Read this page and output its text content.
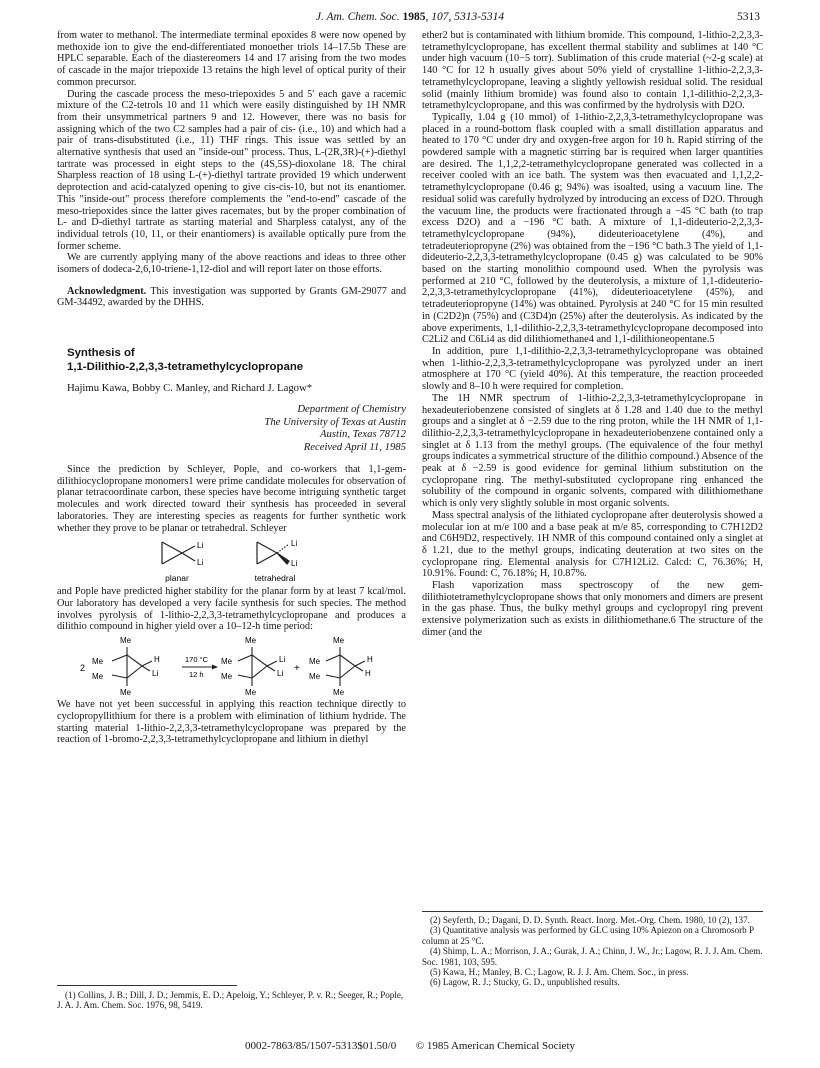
J. Am. Chem. Soc. 1985, 107, 5313-5314	5313

from water to methanol. The intermediate terminal epoxides 8 were now opened by methoxide ion to give the end-differentiated monoether triols 14–17.5b These are HPLC separable. Each of the diastereomers 14 and 17 arising from the two modes of cascade in the major triepoxide 13 retains the high level of optical purity of their common precursor.

During the cascade process the meso-triepoxides 5 and 5′ each gave a racemic mixture of the C2-tetrols 10 and 11 which were easily distinguished by 1H NMR from their unsymmetrical partners 9 and 12. However, there was no basis for assigning which of the two C2 samples had a pair of cis- (i.e., 10) and which had a pair of trans-disubstituted (i.e., 11) THF rings. This issue was settled by an alternative synthesis that used an "inside-out" process. Thus, L-(2R,3R)-(+)-diethyl tartrate was processed in eight steps to the (4S,5S)-dioxolane 18. The chiral Sharpless reaction of 18 using L-(+)-diethyl tartrate provided 19 which underwent deprotection and acid-catalyzed opening to give cis-cis-10, but not its enantiomer. This "inside-out" process therefore complements the "end-to-end" cascade of the meso-triepoxides since the latter gives racemates, but by the proper combination of L- and D-diethyl tartrate as starting material and Sharpless catalyst, any of the individual tetrols (10, 11, or their enantiomers) is available optically pure from the former scheme.

We are currently applying many of the above reactions and ideas to three other isomers of dodeca-2,6,10-triene-1,12-diol and will report later on those efforts.

Acknowledgment. This investigation was supported by Grants GM-29077 and GM-34492, awarded by the DHHS.

Synthesis of

1,1-Dilithio-2,2,3,3-tetramethylcyclopropane

Hajimu Kawa, Bobby C. Manley, and Richard J. Lagow*

Department of Chemistry

The University of Texas at Austin

Austin, Texas 78712

Received April 11, 1985

Since the prediction by Schleyer, Pople, and co-workers that 1,1-gem-dilithiocyclopropane monomers1 were prime candidate molecules for observation of planar tetracoordinate carbon, these species have become intriguing synthetic target molecules and work directed toward their synthesis has proceeded in several laboratories. They are interesting species as reagents for further synthetic work whether they prove to be planar or tetrahedral. Schleyer

Li
Li
Li
Li
planar	tetrahedral

and Pople have predicted higher stability for the planar form by at least 7 kcal/mol. Our laboratory has developed a very facile synthesis for such species. The method involves pyrolysis of 1-lithio-2,2,3,3-tetramethylcyclopropane and produces a dilithio compound in higher yield over a 10–12-h time period:

2
Me
Me
Me
Me
H
Li
170 °C
12 h
Me
Me
Me
Me
Li
Li +
Me
Me
Me
Me
H
H

We have not yet been successful in applying this reaction technique directly to cyclopropyllithium for there is a problem with elimination of lithium hydride. The starting material 1-lithio-2,2,3,3-tetramethylcyclopropane was prepared by the reaction of 1-bromo-2,2,3,3-tetramethylcyclopropane and lithium in diethyl

ether2 but is contaminated with lithium bromide. This compound, 1-lithio-2,2,3,3-tetramethylcyclopropane, has excellent thermal stability and sublimes at 140 °C under high vacuum (10−5 torr). Sublimation of this crude material (~2-g scale) at 140 °C for 12 h usually gives about 50% yield of crystalline 1-lithio-2,2,3,3-tetramethylcyclopropane, leaving a slightly yellowish residual solid. The residual solid (mainly lithium bromide) was found also to contain 1,1-dilithio-2,2,3,3-tetramethylcyclopropane, and this was confirmed by the hydrolysis with D2O.

Typically, 1.04 g (10 mmol) of 1-lithio-2,2,3,3-tetramethylcyclopropane was placed in a round-bottom flask coupled with a small distillation apparatus and heated to 170 °C under dry and oxygen-free argon for 10 h. Rapid stirring of the powdered sample with a magnetic stirring bar is required when larger quantities are desired. The 1,1,2,2-tetramethylcyclopropane generated was collected in a receiver cooled with an ice bath. The system was then evacuated and 1,1,2,2-tetramethylcyclopropane (0.46 g; 94%) was isoalted, using a vacuum line. The residual solid was carefully hydrolyzed by introducing an excess of D2O. Through the vacuum line, the products were fractionated through a −45 °C bath (to trap excess D2O) and a −196 °C bath. A mixture of 1,1-dideuterio-2,2,3,3-tetramethylcyclopropane (94%), dideuterioacetylene (4%), and tetradeuteriopropyne (2%) was obtained from the −196 °C bath.3 The yield of 1,1-dideuterio-2,2,3,3-tetramethylcyclopropane (0.45 g) was calculated to be 90% based on the starting monolithio compound used. When the pyrolysis was performed at 210 °C, followed by the deuterolysis, a mixture of 1,1-dideuterio-2,2,3,3-tetramethylcyclopropane (41%), dideuterioacetylene (45%), and tetradeuteriopropyne (14%) was obtained. Pyrolysis at 240 °C for 15 min resulted in (C2D2)n (75%) and (C3D4)n (25%) after the deuterolysis. As indicated by the above experiments, 1,1-dilithio-2,2,3,3-tetramethylcyclopropane decomposed into C2Li2 and C6Li4 as did dilithiomethane4 and 1,1-dilithioneopentane.5

In addition, pure 1,1-dilithio-2,2,3,3-tetramethylcyclopropane was obtained when 1-lithio-2,2,3,3-tetramethylcyclopropane was pyrolyzed under an inert atmosphere at 170 °C (yield 40%). At this temperature, the reaction proceeded slowly and 8–10 h were required for completion.

The 1H NMR spectrum of 1-lithio-2,2,3,3-tetramethylcyclopropane in hexadeuteriobenzene consisted of singlets at δ 1.28 and 1.40 due to the methyl groups and a singlet at δ −2.59 due to the ring proton, while the 1H NMR of 1,1-dilithio-2,2,3,3-tetramethylcyclopropane in hexadeuteriobenzene contained only a singlet at δ 1.13 from the methyl groups. (The equivalence of the four methyl groups indicates a symmetrical structure of the dilithio compound.) Absence of the peak at δ −2.59 is good evidence for geminal lithium substitution on the cyclopropane ring. The methyl-substituted cyclopropane ring enhanced the solubility of the compound in organic solvents, compared with dilithiomethane which is only very slightly soluble in most organic solvents.

Mass spectral analysis of the lithiated cyclopropane after deuterolysis showed a molecular ion at m/e 100 and a base peak at m/e 85, corresponding to C7H12D2 and C6H9D2, respectively. 1H NMR of this compound contained only a singlet at δ 1.21, due to the methyl groups, indicating deuteration at two sites on the cyclopropane ring. Elemental analysis for C7H12Li2. Calcd: C, 76.36%; H, 10.91%. Found: C, 76.18%; H, 10.87%.

Flash vaporization mass spectroscopy of the new gem-dilithiotetramethylcyclopropane shows that only monomers and dimers are present in the gas phase. Thus, the bulky methyl groups and cyclopropyl ring prevent extensive polymerization such as exists in dilithiomethane.6 The structure of the dimer (and the

(1) Collins, J. B.; Dill, J. D.; Jemmis, E. D.; Apeloig, Y.; Schleyer, P. v. R.; Seeger, R.; Pople, J. A. J. Am. Chem. Soc. 1976, 98, 5419.

(2) Seyferth, D.; Dagani, D. D. Synth. React. Inorg. Met.-Org. Chem. 1980, 10 (2), 137.

(3) Quantitative analysis was performed by GLC using 10% Apiezon on a Chromosorb P column at 25 °C.

(4) Shimp, L. A.; Morrison, J. A.; Gurak, J. A.; Chinn, J. W., Jr.; Lagow, R. J. J. Am. Chem. Soc. 1981, 103, 595.

(5) Kawa, H.; Manley, B. C.; Lagow, R. J. J. Am. Chem. Soc., in press.

(6) Lagow, R. J.; Stucky, G. D., unpublished results.

0002-7863/85/1507-5313$01.50/0 © 1985 American Chemical Society
